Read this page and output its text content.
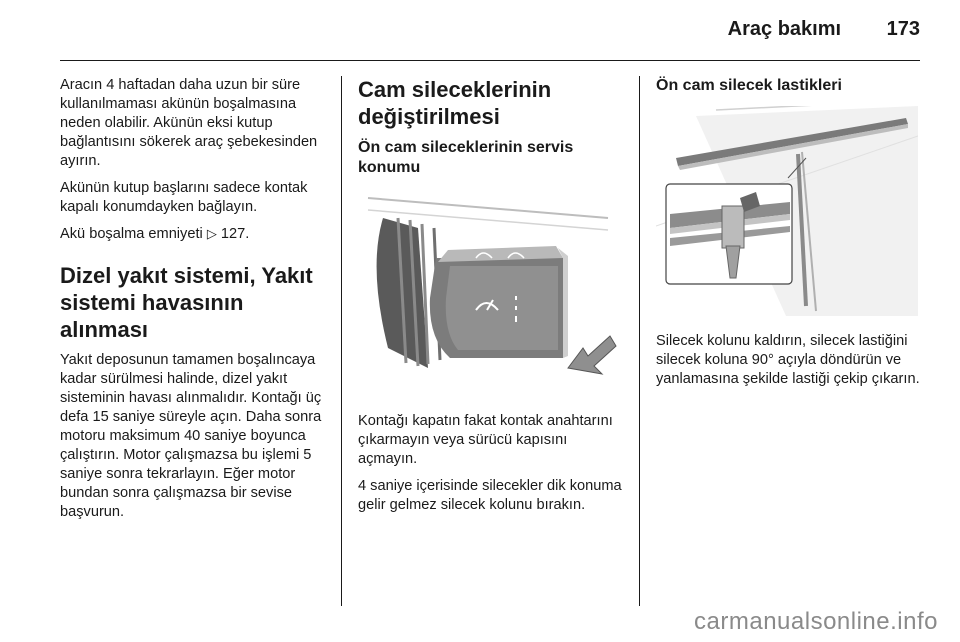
Araç bakımı 173

Aracın 4 haftadan daha uzun bir süre kullanılmaması akünün boşalmasına neden olabilir. Akünün eksi kutup bağlantısını sökerek araç şebekesinden ayırın.

Akünün kutup başlarını sadece kontak kapalı konumdayken bağlayın.

Akü boşalma emniyeti ▷ 127.

Dizel yakıt sistemi, Yakıt sistemi havasının alınması

Yakıt deposunun tamamen boşalıncaya kadar sürülmesi halinde, dizel yakıt sisteminin havası alınmalıdır. Kontağı üç defa 15 saniye süreyle açın. Daha sonra motoru maksimum 40 saniye boyunca çalıştırın. Motor çalışmazsa bu işlemi 5 saniye sonra tekrarlayın. Eğer motor bundan sonra çalışmazsa bir sevise başvurun.

Cam sileceklerinin değiştirilmesi
Ön cam sileceklerinin servis konumu

Kontağı kapatın fakat kontak anahtarını çıkarmayın veya sürücü kapısını açmayın.

4 saniye içerisinde silecekler dik konuma gelir gelmez silecek kolunu bırakın.

Ön cam silecek lastikleri

Silecek kolunu kaldırın, silecek lastiğini silecek koluna 90° açıyla döndürün ve yanlamasına şekilde lastiği çekip çıkarın.

carmanualsonline.info
